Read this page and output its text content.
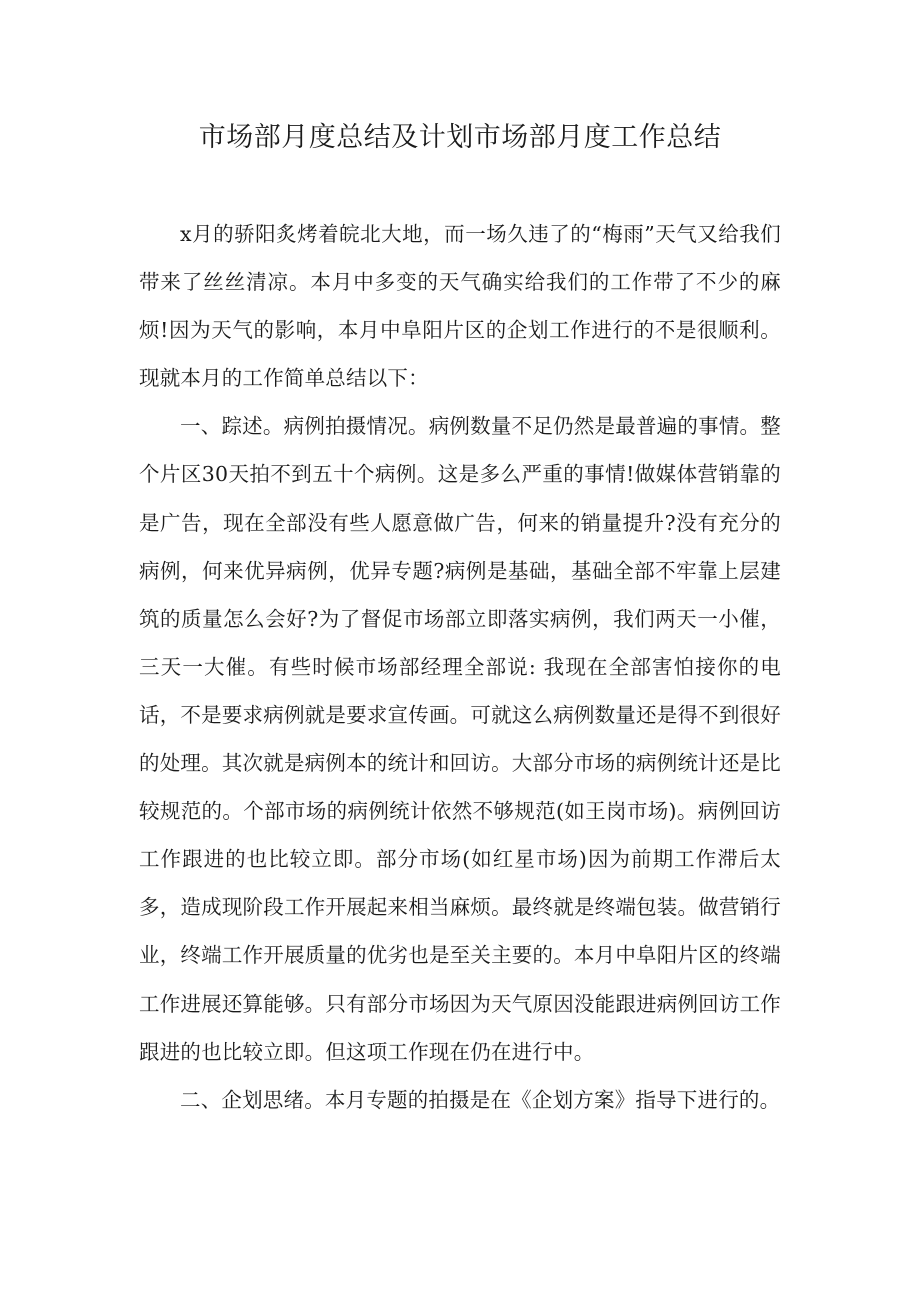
市场部月度总结及计划市场部月度工作总结

x月的骄阳炙烤着皖北大地，而一场久违了的“梅雨”天气又给我们带来了丝丝清凉。本月中多变的天气确实给我们的工作带了不少的麻烦!因为天气的影响，本月中阜阳片区的企划工作进行的不是很顺利。现就本月的工作简单总结以下：

一、踪述。病例拍摄情况。病例数量不足仍然是最普遍的事情。整个片区30天拍不到五十个病例。这是多么严重的事情!做媒体营销靠的是广告，现在全部没有些人愿意做广告，何来的销量提升?没有充分的病例，何来优异病例，优异专题?病例是基础，基础全部不牢靠上层建筑的质量怎么会好?为了督促市场部立即落实病例，我们两天一小催，三天一大催。有些时候市场部经理全部说: 我现在全部害怕接你的电话，不是要求病例就是要求宣传画。可就这么病例数量还是得不到很好的处理。其次就是病例本的统计和回访。大部分市场的病例统计还是比较规范的。个部市场的病例统计依然不够规范(如王岗市场)。病例回访工作跟进的也比较立即。部分市场(如红星市场)因为前期工作滞后太多，造成现阶段工作开展起来相当麻烦。最终就是终端包装。做营销行业，终端工作开展质量的优劣也是至关主要的。本月中阜阳片区的终端工作进展还算能够。只有部分市场因为天气原因没能跟进病例回访工作跟进的也比较立即。但这项工作现在仍在进行中。

二、企划思绪。本月专题的拍摄是在《企划方案》指导下进行的。
